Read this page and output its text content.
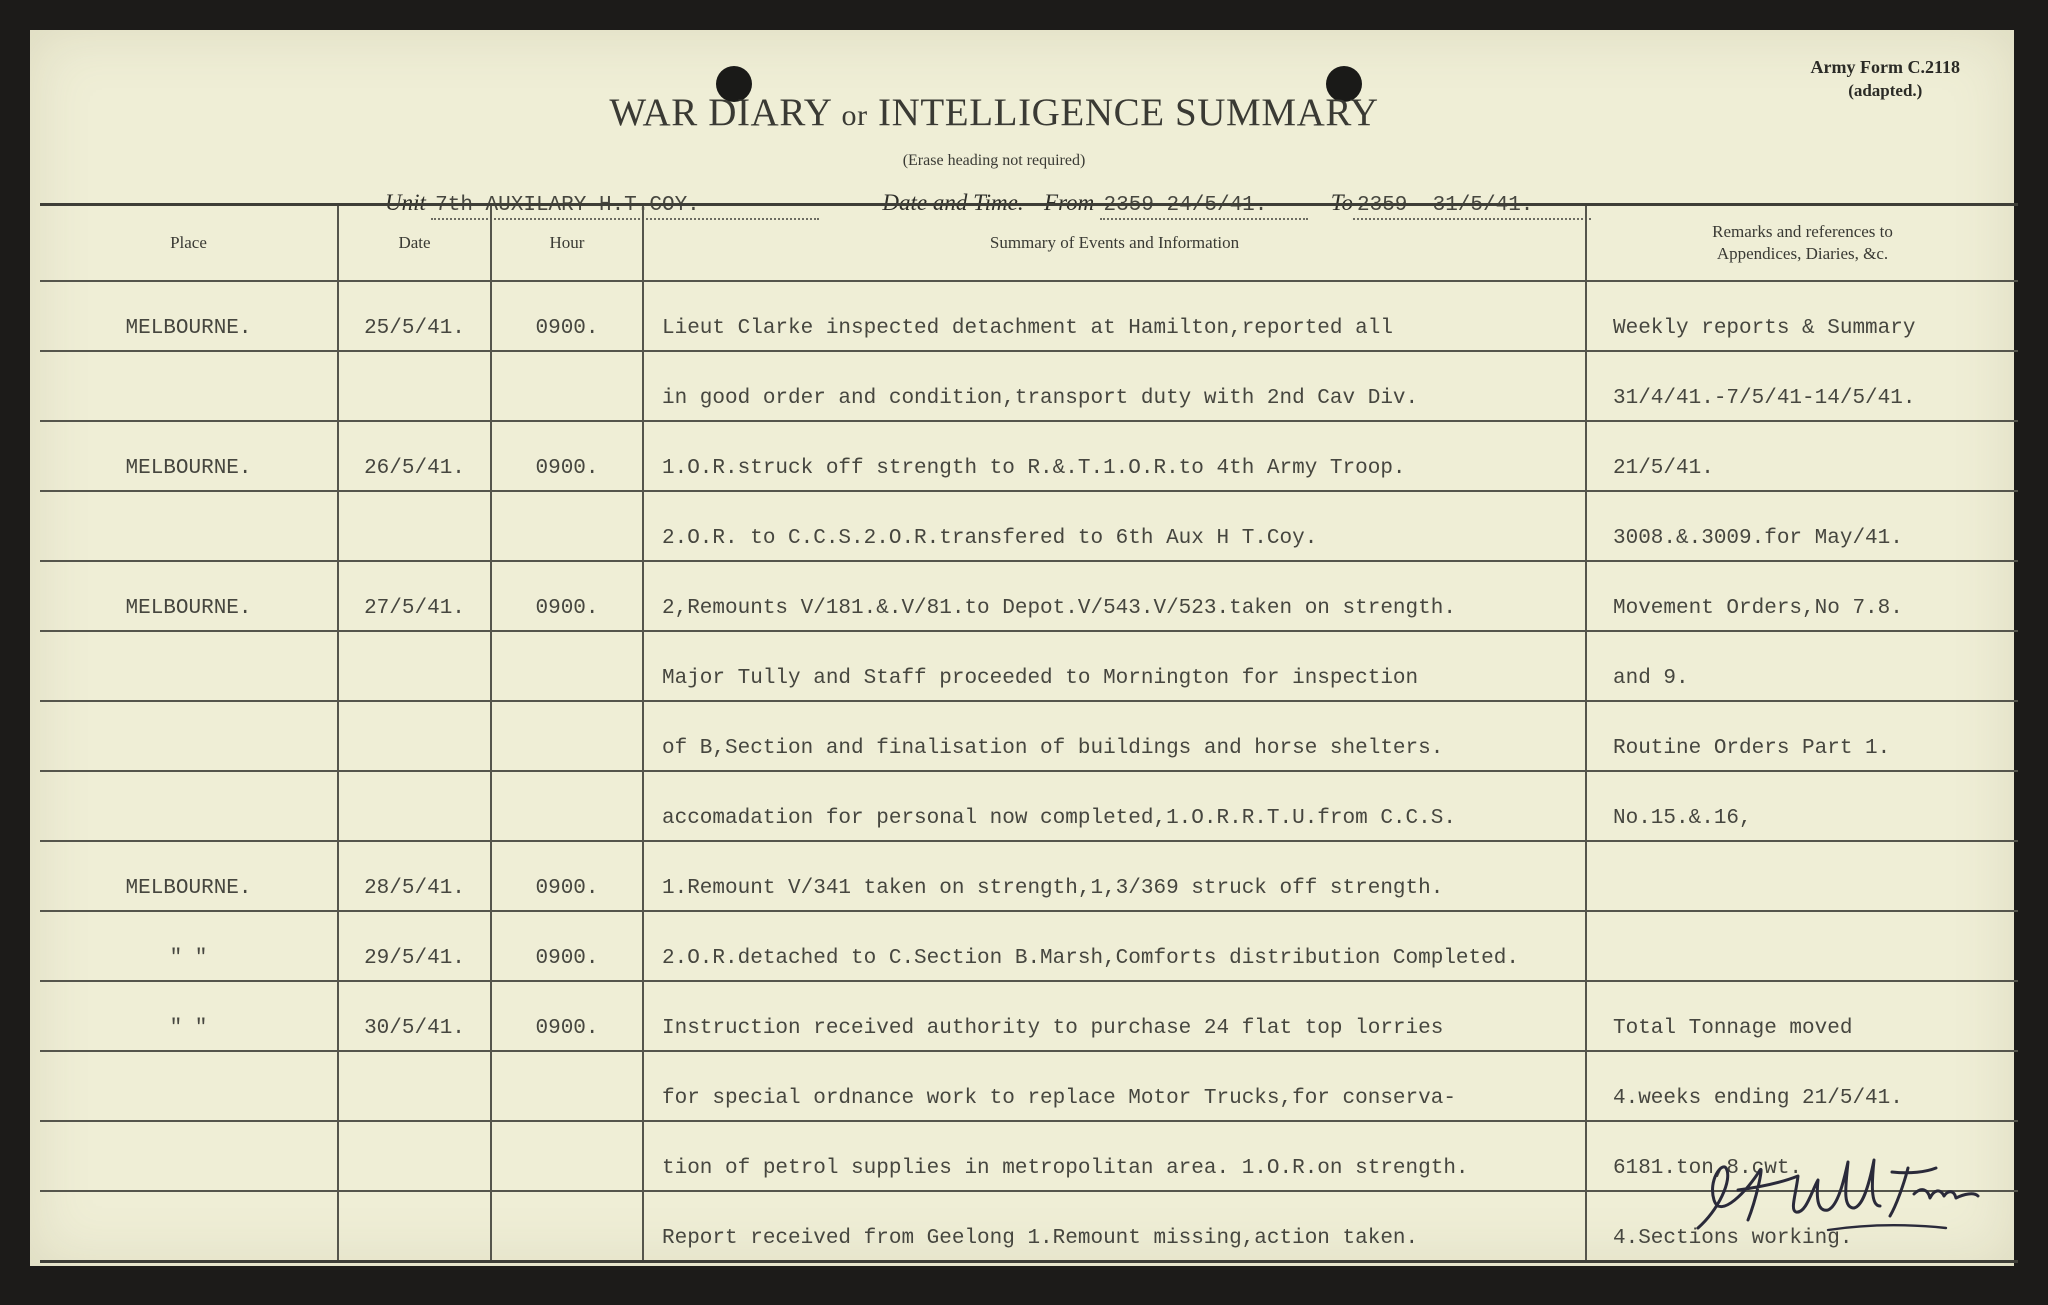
Army Form C.2118
(adapted.)
WAR DIARY or INTELLIGENCE SUMMARY
(Erase heading not required)
Unit 7th AUXILARY H.T.COY.	Date and Time.—From 2359-24/5/41.	To 2359- 31/5/41.
Place	Date	Hour	Summary of Events and Information	Remarks and references to
Appendices, Diaries, &c.

MELBOURNE.	25/5/41.	0900.	Lieut Clarke inspected detachment at Hamilton,reported all	Weekly reports & Summary
			in good order and condition,transport duty with 2nd Cav Div.	31/4/41.-7/5/41-14/5/41.
MELBOURNE.	26/5/41.	0900.	1.O.R.struck off strength to R.&.T.1.O.R.to 4th Army Troop.	21/5/41.
			2.O.R. to C.C.S.2.O.R.transfered to 6th Aux H T.Coy.	3008.&.3009.for May/41.
MELBOURNE.	27/5/41.	0900.	2,Remounts V/181.&.V/81.to Depot.V/543.V/523.taken on strength.	Movement Orders,No 7.8.
			Major Tully and Staff proceeded to Mornington for inspection	and 9.
			of B,Section and finalisation of buildings and horse shelters.	Routine Orders Part 1.
			accomadation for personal now completed,1.O.R.R.T.U.from C.C.S.	No.15.&.16,
MELBOURNE.	28/5/41.	0900.	1.Remount V/341 taken on strength,1,3/369 struck off strength.	
" "	29/5/41.	0900.	2.O.R.detached to C.Section B.Marsh,Comforts distribution Completed.	
" "	30/5/41.	0900.	Instruction received authority to purchase 24 flat top lorries	Total Tonnage moved
			for special ordnance work to replace Motor Trucks,for conserva-	4.weeks ending 21/5/41.
			tion of petrol supplies in metropolitan area. 1.O.R.on strength.	6181.ton,8.cwt.
			Report received from Geelong 1.Remount missing,action taken.	4.Sections working.
